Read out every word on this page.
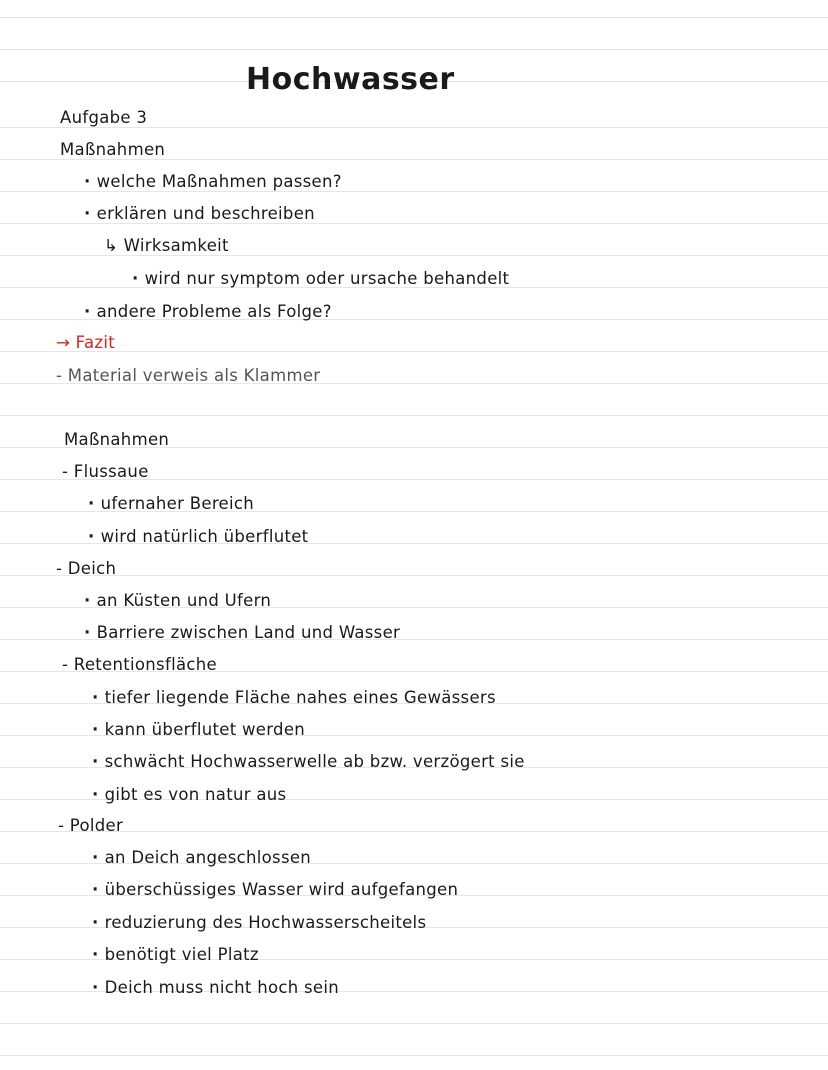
Hochwasser
Aufgabe 3
Maßnahmen
· welche Maßnahmen passen?
· erklären und beschreiben
↳ Wirksamkeit
· wird nur symptom oder ursache behandelt
· andere Probleme als Folge?
→ Fazit
- Material verweis als Klammer
Maßnahmen
- Flussaue
· ufernaher Bereich
· wird natürlich überflutet
- Deich
· an Küsten und Ufern
· Barriere zwischen Land und Wasser
- Retentionsfläche
· tiefer liegende Fläche nahes eines Gewässers
· kann überflutet werden
· schwächt Hochwasserwelle ab bzw. verzögert sie
· gibt es von natur aus
- Polder
· an Deich angeschlossen
· überschüssiges Wasser wird aufgefangen
· reduzierung des Hochwasserscheitels
· benötigt viel Platz
· Deich muss nicht hoch sein
